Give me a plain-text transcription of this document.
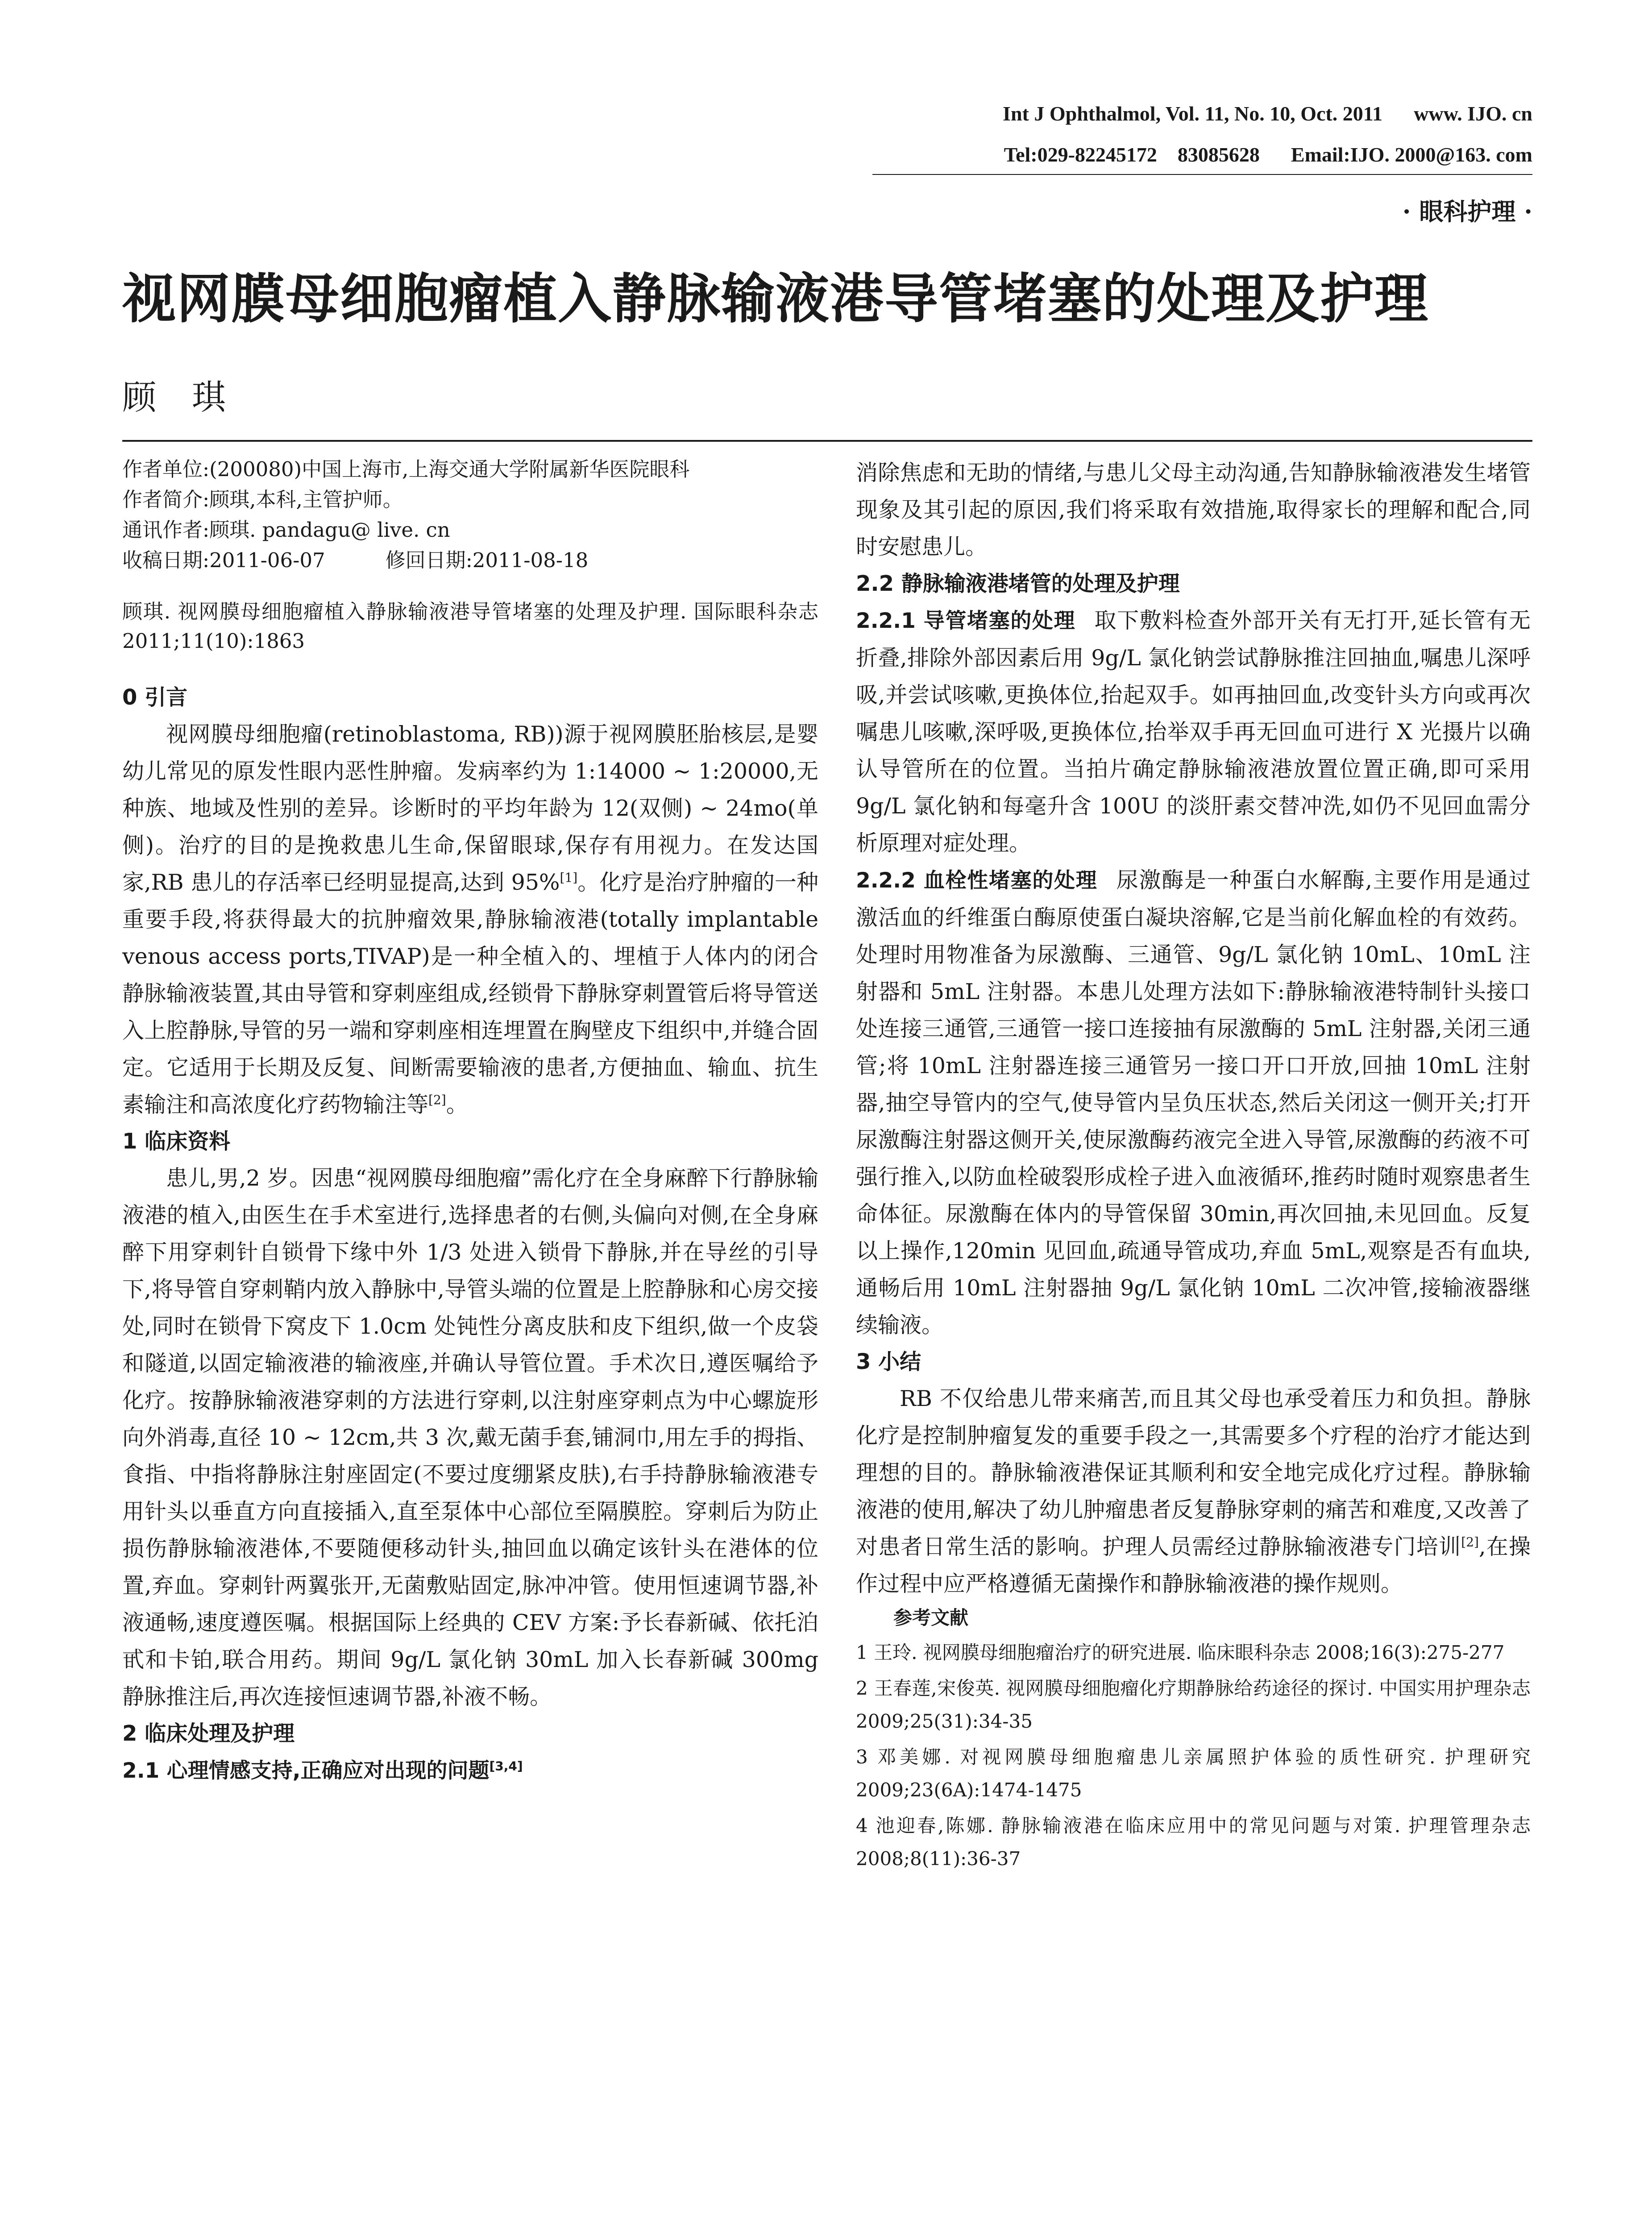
Int J Ophthalmol, Vol. 11, No. 10, Oct. 2011 www. IJO. cn
Tel:029-82245172　83085628 Email:IJO. 2000@163. com
· 眼科护理 ·
视网膜母细胞瘤植入静脉输液港导管堵塞的处理及护理
顾琪

作者单位:(200080)中国上海市,上海交通大学附属新华医院眼科

作者简介:顾琪,本科,主管护师。

通讯作者:顾琪. pandagu@ live. cn

收稿日期:2011-06-07　　　修回日期:2011-08-18

顾琪. 视网膜母细胞瘤植入静脉输液港导管堵塞的处理及护理. 国际眼科杂志 2011;11(10):1863

0 引言

视网膜母细胞瘤(retinoblastoma, RB))源于视网膜胚胎核层,是婴幼儿常见的原发性眼内恶性肿瘤。发病率约为 1:14000 ~ 1:20000,无种族、地域及性别的差异。诊断时的平均年龄为 12(双侧) ~ 24mo(单侧)。治疗的目的是挽救患儿生命,保留眼球,保存有用视力。在发达国家,RB 患儿的存活率已经明显提高,达到 95%[1]。化疗是治疗肿瘤的一种重要手段,将获得最大的抗肿瘤效果,静脉输液港(totally implantable venous access ports,TIVAP)是一种全植入的、埋植于人体内的闭合静脉输液装置,其由导管和穿刺座组成,经锁骨下静脉穿刺置管后将导管送入上腔静脉,导管的另一端和穿刺座相连埋置在胸壁皮下组织中,并缝合固定。它适用于长期及反复、间断需要输液的患者,方便抽血、输血、抗生素输注和高浓度化疗药物输注等[2]。

1 临床资料

患儿,男,2 岁。因患“视网膜母细胞瘤”需化疗在全身麻醉下行静脉输液港的植入,由医生在手术室进行,选择患者的右侧,头偏向对侧,在全身麻醉下用穿刺针自锁骨下缘中外 1/3 处进入锁骨下静脉,并在导丝的引导下,将导管自穿刺鞘内放入静脉中,导管头端的位置是上腔静脉和心房交接处,同时在锁骨下窝皮下 1.0cm 处钝性分离皮肤和皮下组织,做一个皮袋和隧道,以固定输液港的输液座,并确认导管位置。手术次日,遵医嘱给予化疗。按静脉输液港穿刺的方法进行穿刺,以注射座穿刺点为中心螺旋形向外消毒,直径 10 ~ 12cm,共 3 次,戴无菌手套,铺洞巾,用左手的拇指、食指、中指将静脉注射座固定(不要过度绷紧皮肤),右手持静脉输液港专用针头以垂直方向直接插入,直至泵体中心部位至隔膜腔。穿刺后为防止损伤静脉输液港体,不要随便移动针头,抽回血以确定该针头在港体的位置,弃血。穿刺针两翼张开,无菌敷贴固定,脉冲冲管。使用恒速调节器,补液通畅,速度遵医嘱。根据国际上经典的 CEV 方案:予长春新碱、依托泊甙和卡铂,联合用药。期间 9g/L 氯化钠 30mL 加入长春新碱 300mg 静脉推注后,再次连接恒速调节器,补液不畅。

2 临床处理及护理

2.1 心理情感支持,正确应对出现的问题[3,4]

消除焦虑和无助的情绪,与患儿父母主动沟通,告知静脉输液港发生堵管现象及其引起的原因,我们将采取有效措施,取得家长的理解和配合,同时安慰患儿。

2.2 静脉输液港堵管的处理及护理

2.2.1 导管堵塞的处理 取下敷料检查外部开关有无打开,延长管有无折叠,排除外部因素后用 9g/L 氯化钠尝试静脉推注回抽血,嘱患儿深呼吸,并尝试咳嗽,更换体位,抬起双手。如再抽回血,改变针头方向或再次嘱患儿咳嗽,深呼吸,更换体位,抬举双手再无回血可进行 X 光摄片以确认导管所在的位置。当拍片确定静脉输液港放置位置正确,即可采用 9g/L 氯化钠和每毫升含 100U 的淡肝素交替冲洗,如仍不见回血需分析原理对症处理。

2.2.2 血栓性堵塞的处理 尿激酶是一种蛋白水解酶,主要作用是通过激活血的纤维蛋白酶原使蛋白凝块溶解,它是当前化解血栓的有效药。处理时用物准备为尿激酶、三通管、9g/L 氯化钠 10mL、10mL 注射器和 5mL 注射器。本患儿处理方法如下:静脉输液港特制针头接口处连接三通管,三通管一接口连接抽有尿激酶的 5mL 注射器,关闭三通管;将 10mL 注射器连接三通管另一接口开口开放,回抽 10mL 注射器,抽空导管内的空气,使导管内呈负压状态,然后关闭这一侧开关;打开尿激酶注射器这侧开关,使尿激酶药液完全进入导管,尿激酶的药液不可强行推入,以防血栓破裂形成栓子进入血液循环,推药时随时观察患者生命体征。尿激酶在体内的导管保留 30min,再次回抽,未见回血。反复以上操作,120min 见回血,疏通导管成功,弃血 5mL,观察是否有血块,通畅后用 10mL 注射器抽 9g/L 氯化钠 10mL 二次冲管,接输液器继续输液。

3 小结

RB 不仅给患儿带来痛苦,而且其父母也承受着压力和负担。静脉化疗是控制肿瘤复发的重要手段之一,其需要多个疗程的治疗才能达到理想的目的。静脉输液港保证其顺利和安全地完成化疗过程。静脉输液港的使用,解决了幼儿肿瘤患者反复静脉穿刺的痛苦和难度,又改善了对患者日常生活的影响。护理人员需经过静脉输液港专门培训[2],在操作过程中应严格遵循无菌操作和静脉输液港的操作规则。

参考文献

1 王玲. 视网膜母细胞瘤治疗的研究进展. 临床眼科杂志 2008;16(3):275-277

2 王春莲,宋俊英. 视网膜母细胞瘤化疗期静脉给药途径的探讨. 中国实用护理杂志 2009;25(31):34-35

3 邓美娜. 对视网膜母细胞瘤患儿亲属照护体验的质性研究. 护理研究 2009;23(6A):1474-1475

4 池迎春,陈娜. 静脉输液港在临床应用中的常见问题与对策. 护理管理杂志 2008;8(11):36-37
